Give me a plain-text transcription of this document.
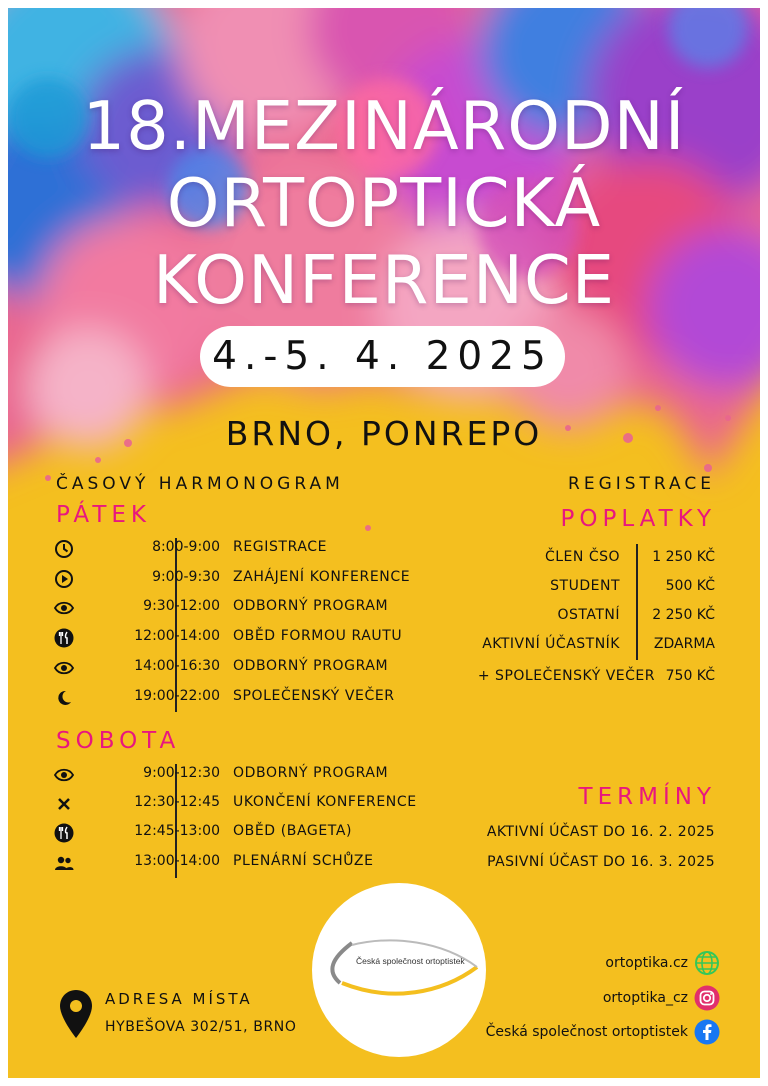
18.MEZINÁRODNÍ
ORTOPTICKÁ
KONFERENCE
4.-5. 4. 2025
BRNO, PONREPO
ČASOVÝ HARMONOGRAM
PÁTEK
8:00-9:00 REGISTRACE
9:00-9:30 ZAHÁJENÍ KONFERENCE
9:30-12:00 ODBORNÝ PROGRAM
12:00-14:00 OBĚD FORMOU RAUTU
14:00-16:30 ODBORNÝ PROGRAM
19:00-22:00 SPOLEČENSKÝ VEČER
SOBOTA
9:00-12:30 ODBORNÝ PROGRAM
12:30-12:45 UKONČENÍ KONFERENCE
12:45-13:00 OBĚD (BAGETA)
13:00-14:00 PLENÁRNÍ SCHŮZE
REGISTRACE
POPLATKY
ČLEN ČSO 1 250 KČ
STUDENT	500 KČ
OSTATNÍ 2 250 KČ
AKTIVNÍ ÚČASTNÍK ZDARMA
+ SPOLEČENSKÝ VEČER 750 KČ
TERMÍNY
AKTIVNÍ ÚČAST DO 16. 2. 2025
PASIVNÍ ÚČAST DO 16. 3. 2025
Česká společnost ortoptistek
ADRESA MÍSTA
HYBEŠOVA 302/51, BRNO
ortoptika.cz
ortoptika_cz
Česká společnost ortoptistek
